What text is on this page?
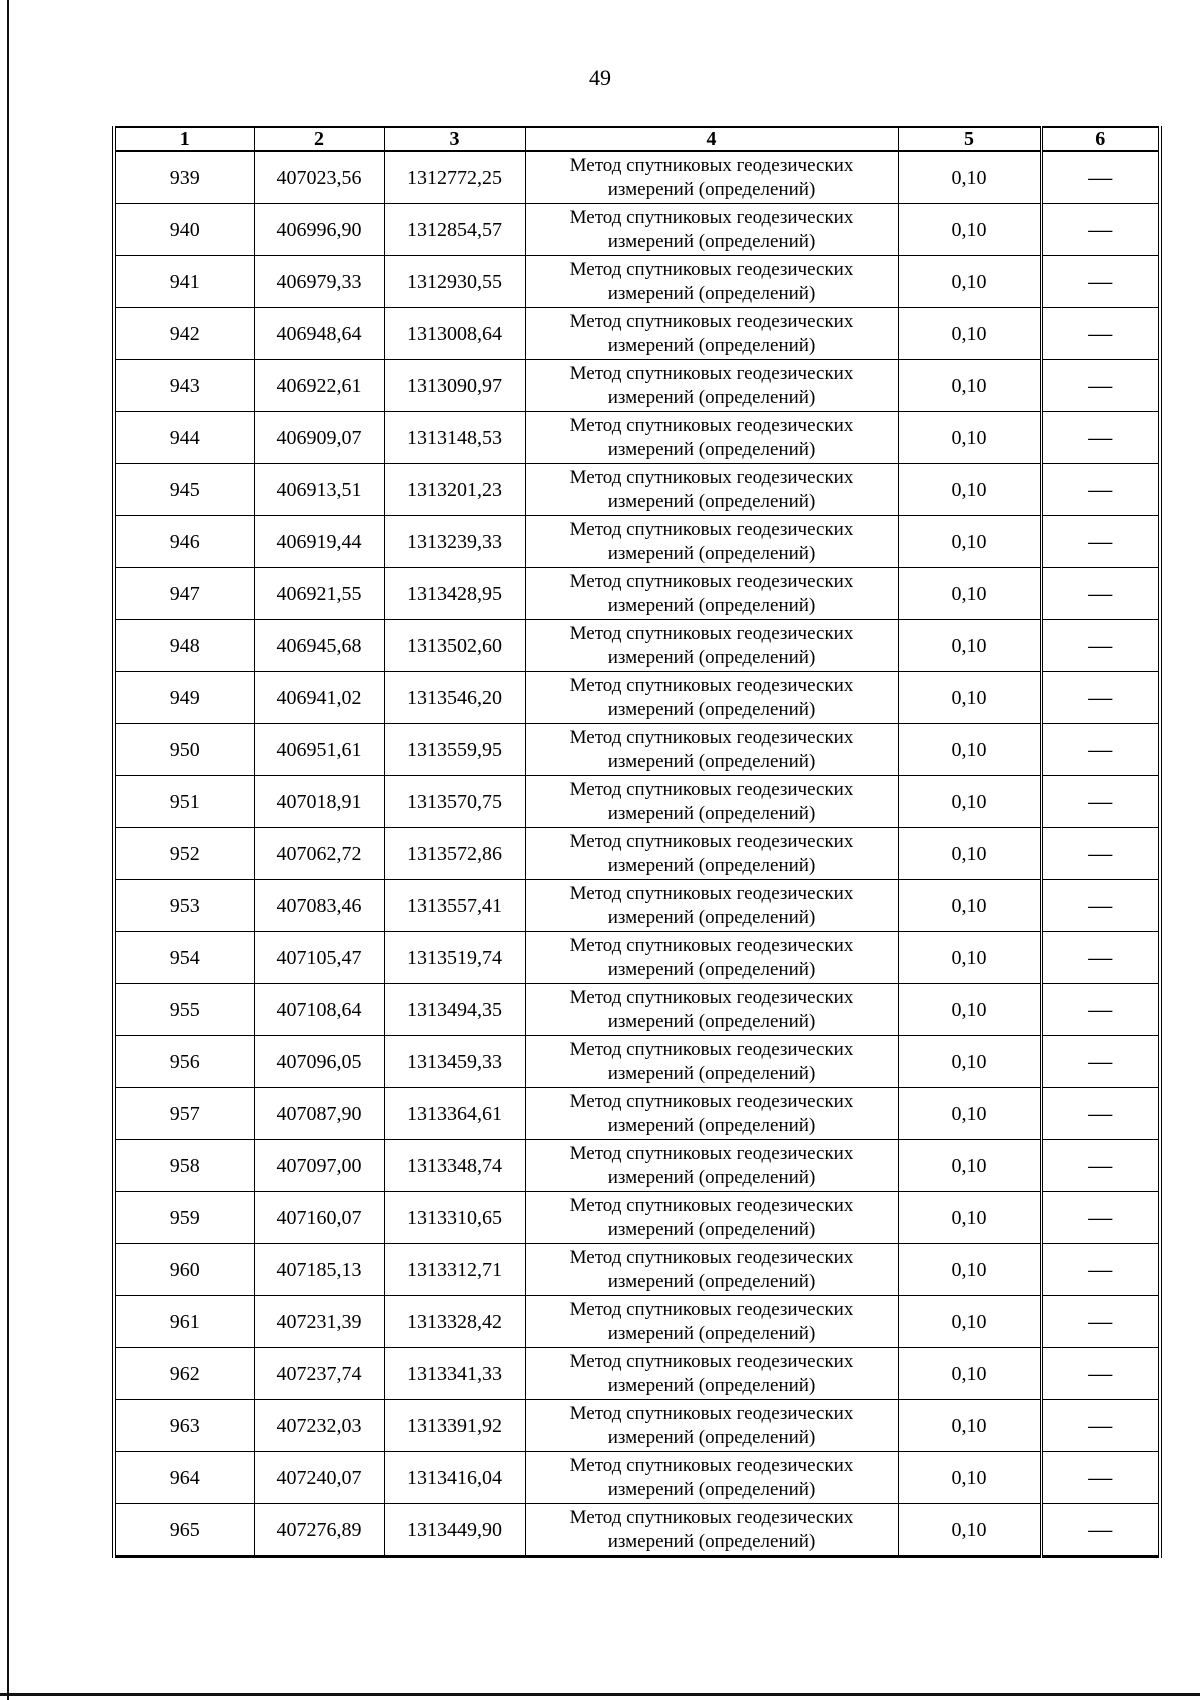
49
1	2	3	4	5	6
939	407023,56	1312772,25	Метод спутниковых геодезических измерений (определений)	0,10	—
940	406996,90	1312854,57	Метод спутниковых геодезических измерений (определений)	0,10	—
941	406979,33	1312930,55	Метод спутниковых геодезических измерений (определений)	0,10	—
942	406948,64	1313008,64	Метод спутниковых геодезических измерений (определений)	0,10	—
943	406922,61	1313090,97	Метод спутниковых геодезических измерений (определений)	0,10	—
944	406909,07	1313148,53	Метод спутниковых геодезических измерений (определений)	0,10	—
945	406913,51	1313201,23	Метод спутниковых геодезических измерений (определений)	0,10	—
946	406919,44	1313239,33	Метод спутниковых геодезических измерений (определений)	0,10	—
947	406921,55	1313428,95	Метод спутниковых геодезических измерений (определений)	0,10	—
948	406945,68	1313502,60	Метод спутниковых геодезических измерений (определений)	0,10	—
949	406941,02	1313546,20	Метод спутниковых геодезических измерений (определений)	0,10	—
950	406951,61	1313559,95	Метод спутниковых геодезических измерений (определений)	0,10	—
951	407018,91	1313570,75	Метод спутниковых геодезических измерений (определений)	0,10	—
952	407062,72	1313572,86	Метод спутниковых геодезических измерений (определений)	0,10	—
953	407083,46	1313557,41	Метод спутниковых геодезических измерений (определений)	0,10	—
954	407105,47	1313519,74	Метод спутниковых геодезических измерений (определений)	0,10	—
955	407108,64	1313494,35	Метод спутниковых геодезических измерений (определений)	0,10	—
956	407096,05	1313459,33	Метод спутниковых геодезических измерений (определений)	0,10	—
957	407087,90	1313364,61	Метод спутниковых геодезических измерений (определений)	0,10	—
958	407097,00	1313348,74	Метод спутниковых геодезических измерений (определений)	0,10	—
959	407160,07	1313310,65	Метод спутниковых геодезических измерений (определений)	0,10	—
960	407185,13	1313312,71	Метод спутниковых геодезических измерений (определений)	0,10	—
961	407231,39	1313328,42	Метод спутниковых геодезических измерений (определений)	0,10	—
962	407237,74	1313341,33	Метод спутниковых геодезических измерений (определений)	0,10	—
963	407232,03	1313391,92	Метод спутниковых геодезических измерений (определений)	0,10	—
964	407240,07	1313416,04	Метод спутниковых геодезических измерений (определений)	0,10	—
965	407276,89	1313449,90	Метод спутниковых геодезических измерений (определений)	0,10	—
